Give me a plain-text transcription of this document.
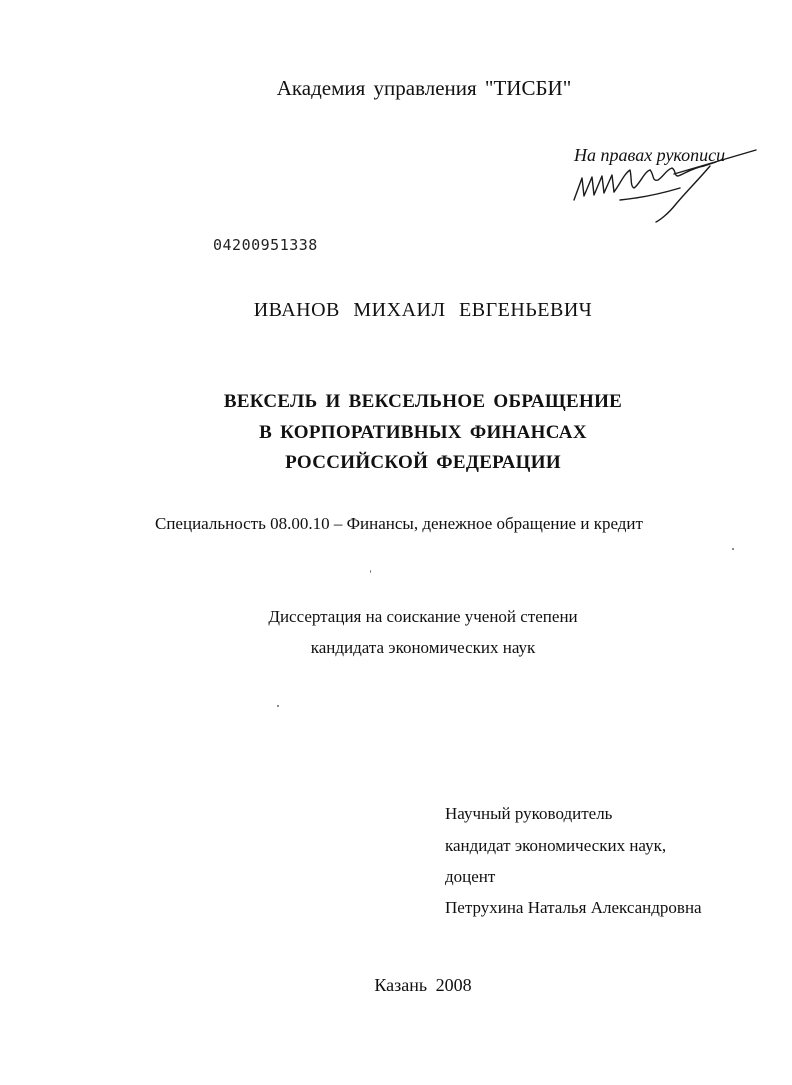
Академия управления "ТИСБИ"
На правах рукописи
04200951338
ИВАНОВ МИХАИЛ ЕВГЕНЬЕВИЧ
ВЕКСЕЛЬ И ВЕКСЕЛЬНОЕ ОБРАЩЕНИЕ
В КОРПОРАТИВНЫХ ФИНАНСАХ
РОССИЙСКОЙ ФЕДЕРАЦИИ
Специальность 08.00.10 – Финансы, денежное обращение и кредит
Диссертация на соискание ученой степени
кандидата экономических наук
Научный руководитель
кандидат экономических наук,
доцент
Петрухина Наталья Александровна
Казань 2008
